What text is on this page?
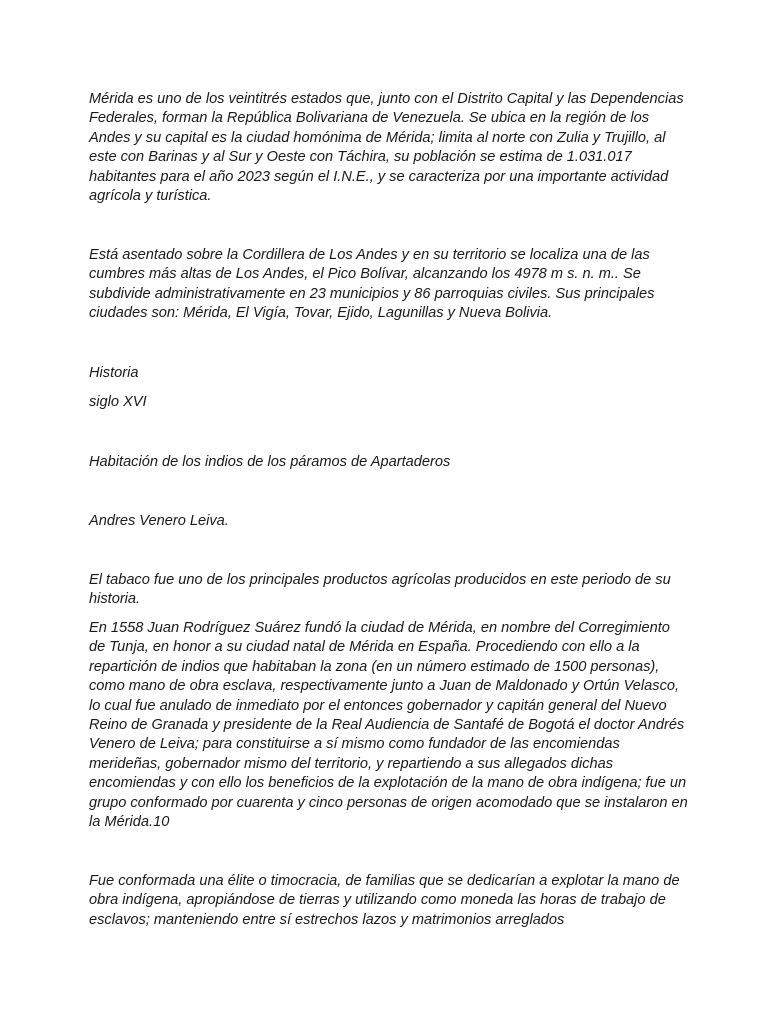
Mérida es uno de los veintitrés estados que, junto con el Distrito Capital y las Dependencias Federales, forman la República Bolivariana de Venezuela. Se ubica en la región de los Andes y su capital es la ciudad homónima de Mérida; limita al norte con Zulia y Trujillo, al este con Barinas y al Sur y Oeste con Táchira, su población se estima de 1.031.017 habitantes para el año 2023 según el I.N.E., y se caracteriza por una importante actividad agrícola y turística.

Está asentado sobre la Cordillera de Los Andes y en su territorio se localiza una de las cumbres más altas de Los Andes, el Pico Bolívar, alcanzando los 4978 m s. n. m.. Se subdivide administrativamente en 23 municipios y 86 parroquias civiles. Sus principales ciudades son: Mérida, El Vigía, Tovar, Ejido, Lagunillas y Nueva Bolivia.

Historia

siglo XVI

Habitación de los indios de los páramos de Apartaderos

Andres Venero Leiva.

El tabaco fue uno de los principales productos agrícolas producidos en este periodo de su historia.

En 1558 Juan Rodríguez Suárez fundó la ciudad de Mérida, en nombre del Corregimiento de Tunja, en honor a su ciudad natal de Mérida en España. Procediendo con ello a la repartición de indios que habitaban la zona (en un número estimado de 1500 personas), como mano de obra esclava, respectivamente junto a Juan de Maldonado y Ortún Velasco, lo cual fue anulado de inmediato por el entonces gobernador y capitán general del Nuevo Reino de Granada y presidente de la Real Audiencia de Santafé de Bogotá el doctor Andrés Venero de Leiva; para constituirse a sí mismo como fundador de las encomiendas merideñas, gobernador mismo del territorio, y repartiendo a sus allegados dichas encomiendas y con ello los beneficios de la explotación de la mano de obra indígena; fue un grupo conformado por cuarenta y cinco personas de origen acomodado que se instalaron en la Mérida.10

Fue conformada una élite o timocracia, de familias que se dedicarían a explotar la mano de obra indígena, apropiándose de tierras y utilizando como moneda las horas de trabajo de esclavos; manteniendo entre sí estrechos lazos y matrimonios arreglados
